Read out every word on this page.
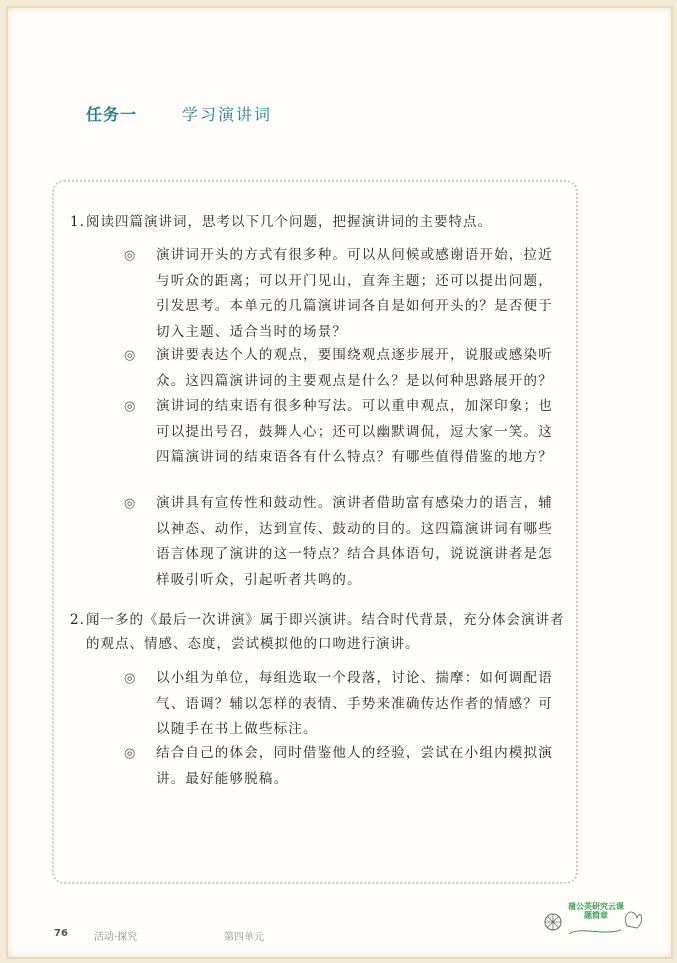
任务一	学习演讲词
1. 阅读四篇演讲词，思考以下几个问题，把握演讲词的主要特点。
◎	演讲词开头的方式有很多种。可以从问候或感谢语开始，拉近与听众的距离；可以开门见山，直奔主题；还可以提出问题，引发思考。本单元的几篇演讲词各自是如何开头的？是否便于切入主题、适合当时的场景？
◎	演讲要表达个人的观点，要围绕观点逐步展开，说服或感染听众。这四篇演讲词的主要观点是什么？是以何种思路展开的？
◎	演讲词的结束语有很多种写法。可以重申观点，加深印象；也可以提出号召，鼓舞人心；还可以幽默调侃，逗大家一笑。这四篇演讲词的结束语各有什么特点？有哪些值得借鉴的地方？
◎	演讲具有宣传性和鼓动性。演讲者借助富有感染力的语言，辅以神态、动作，达到宣传、鼓动的目的。这四篇演讲词有哪些语言体现了演讲的这一特点？结合具体语句，说说演讲者是怎样吸引听众，引起听者共鸣的。
2. 闻一多的《最后一次讲演》属于即兴演讲。结合时代背景，充分体会演讲者的观点、情感、态度，尝试模拟他的口吻进行演讲。
◎	以小组为单位，每组选取一个段落，讨论、揣摩：如何调配语气、语调？辅以怎样的表情、手势来准确传达作者的情感？可以随手在书上做些标注。
◎	结合自己的体会，同时借鉴他人的经验，尝试在小组内模拟演讲。最好能够脱稿。
76	活动·探究	第四单元
蒲公英研究云课题简章
